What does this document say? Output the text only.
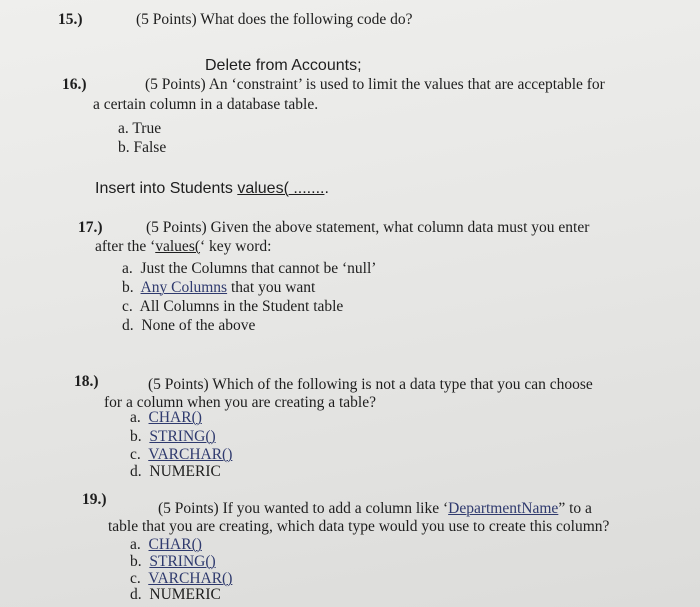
15.)	(5 Points) What does the following code do?
Delete from Accounts;
16.)	(5 Points) An ‘constraint’ is used to limit the values that are acceptable for
a certain column in a database table.
a. True
b. False
Insert into Students values( ........
17.)	(5 Points) Given the above statement, what column data must you enter
after the ‘values(‘ key word:
a. Just the Columns that cannot be ‘null’
b. Any Columns that you want
c. All Columns in the Student table
d. None of the above
18.)	(5 Points) Which of the following is not a data type that you can choose
for a column when you are creating a table?
a. CHAR()
b. STRING()
c. VARCHAR()
d. NUMERIC
19.)
(5 Points) If you wanted to add a column like ‘DepartmentName” to a
table that you are creating, which data type would you use to create this column?
a. CHAR()
b. STRING()
c. VARCHAR()
d. NUMERIC
